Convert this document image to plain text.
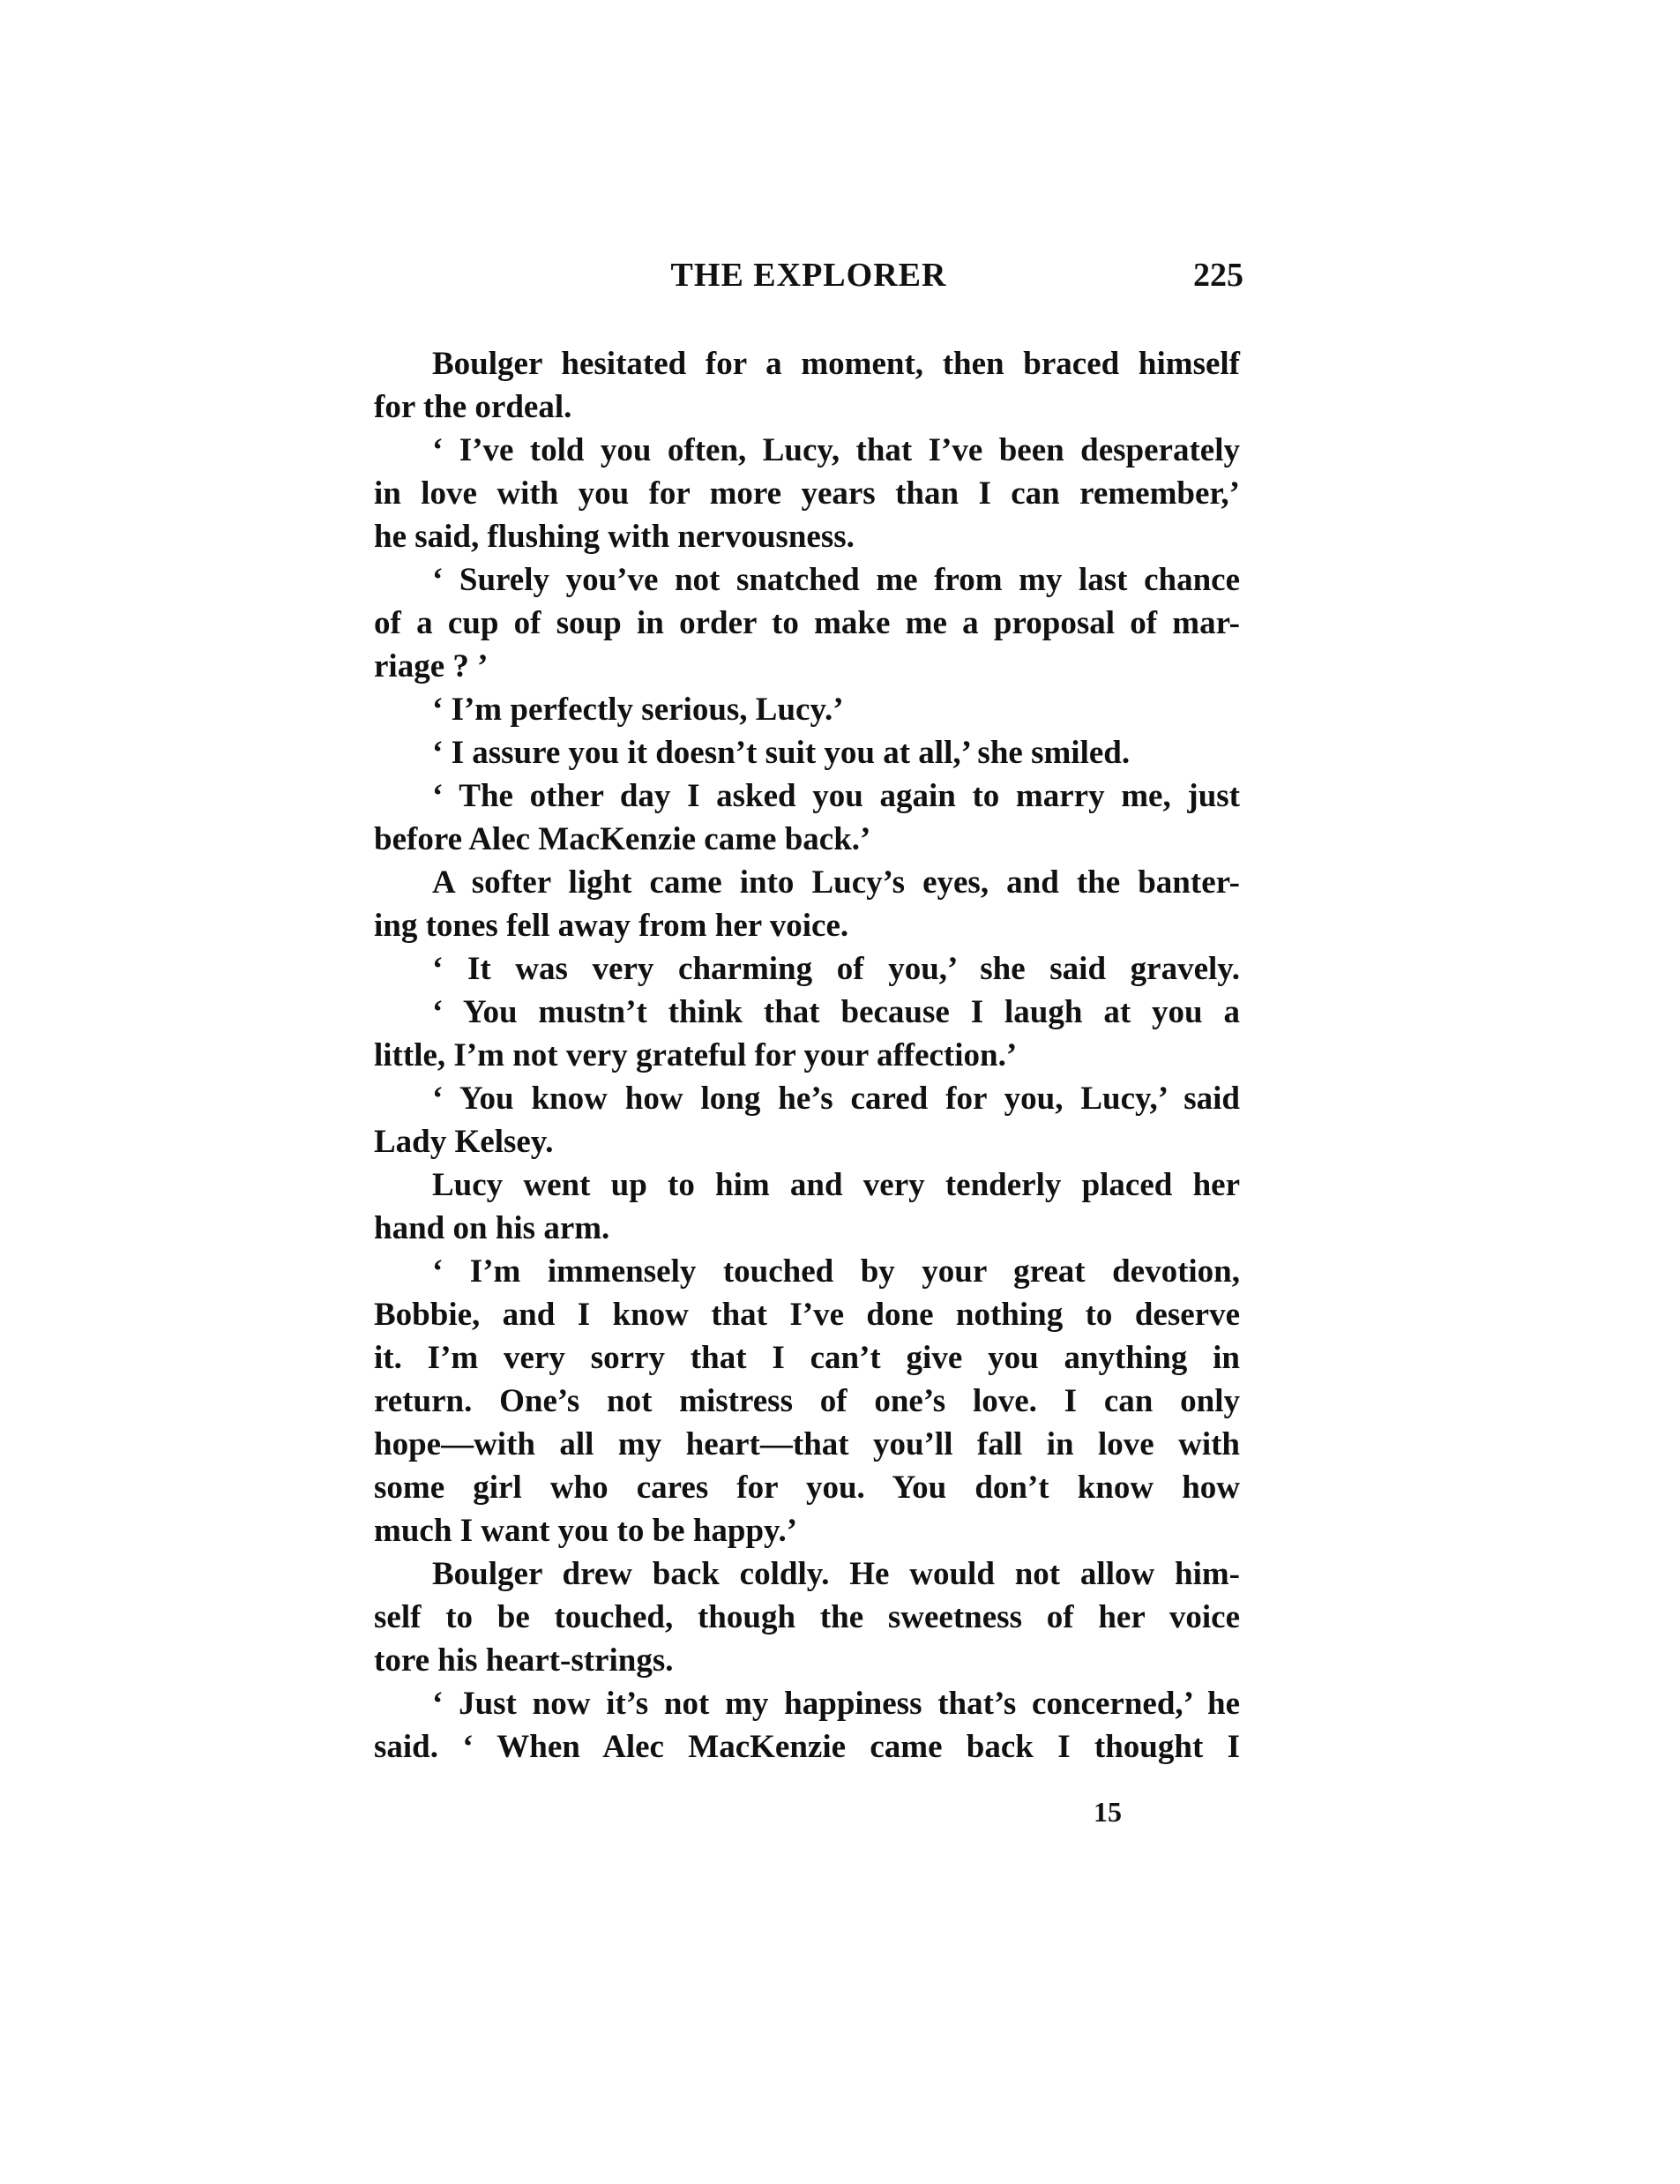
THE EXPLORER	225
Boulger hesitated for a moment, then braced himself
for the ordeal.
‘ I’ve told you often, Lucy, that I’ve been desperately
in love with you for more years than I can remember,’
he said, flushing with nervousness.
‘ Surely you’ve not snatched me from my last chance
of a cup of soup in order to make me a proposal of mar-
riage ? ’
‘ I’m perfectly serious, Lucy.’
‘ I assure you it doesn’t suit you at all,’ she smiled.
‘ The other day I asked you again to marry me, just
before Alec MacKenzie came back.’
A softer light came into Lucy’s eyes, and the banter-
ing tones fell away from her voice.
‘ It was very charming of you,’ she said gravely.
‘ You mustn’t think that because I laugh at you a
little, I’m not very grateful for your affection.’
‘ You know how long he’s cared for you, Lucy,’ said
Lady Kelsey.
Lucy went up to him and very tenderly placed her
hand on his arm.
‘ I’m immensely touched by your great devotion,
Bobbie, and I know that I’ve done nothing to deserve
it. I’m very sorry that I can’t give you anything in
return. One’s not mistress of one’s love. I can only
hope—with all my heart—that you’ll fall in love with
some girl who cares for you. You don’t know how
much I want you to be happy.’
Boulger drew back coldly. He would not allow him-
self to be touched, though the sweetness of her voice
tore his heart-strings.
‘ Just now it’s not my happiness that’s concerned,’ he
said. ‘ When Alec MacKenzie came back I thought I
15
